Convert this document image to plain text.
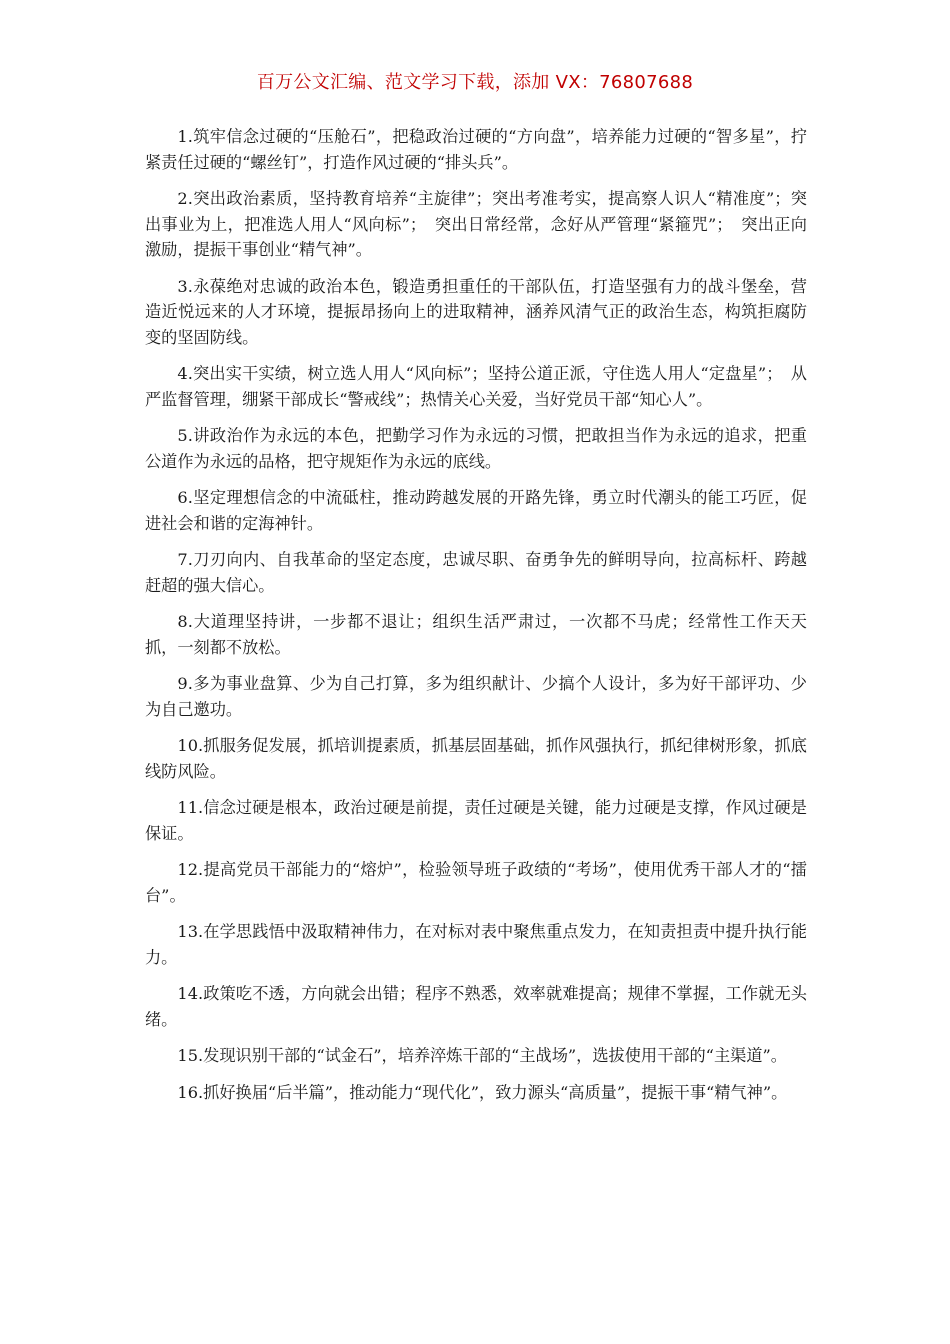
百万公文汇编、范文学习下载，添加 VX：76807688

1.筑牢信念过硬的“压舱石”，把稳政治过硬的“方向盘”，培养能力过硬的“智多星”，拧紧责任过硬的“螺丝钉”，打造作风过硬的“排头兵”。

2.突出政治素质，坚持教育培养“主旋律”；突出考准考实，提高察人识人“精准度”；突出事业为上，把准选人用人“风向标”；　突出日常经常，念好从严管理“紧箍咒”；　突出正向激励，提振干事创业“精气神”。

3.永葆绝对忠诚的政治本色，锻造勇担重任的干部队伍，打造坚强有力的战斗堡垒，营造近悦远来的人才环境，提振昂扬向上的进取精神，涵养风清气正的政治生态，构筑拒腐防变的坚固防线。

4.突出实干实绩，树立选人用人“风向标”；坚持公道正派，守住选人用人“定盘星”；　从严监督管理，绷紧干部成长“警戒线”；热情关心关爱，当好党员干部“知心人”。

5.讲政治作为永远的本色，把勤学习作为永远的习惯，把敢担当作为永远的追求，把重公道作为永远的品格，把守规矩作为永远的底线。

6.坚定理想信念的中流砥柱，推动跨越发展的开路先锋，勇立时代潮头的能工巧匠，促进社会和谐的定海神针。

7.刀刃向内、自我革命的坚定态度，忠诚尽职、奋勇争先的鲜明导向，拉高标杆、跨越赶超的强大信心。

8.大道理坚持讲，一步都不退让；组织生活严肃过，一次都不马虎；经常性工作天天抓，一刻都不放松。

9.多为事业盘算、少为自己打算，多为组织献计、少搞个人设计，多为好干部评功、少为自己邀功。

10.抓服务促发展，抓培训提素质，抓基层固基础，抓作风强执行，抓纪律树形象，抓底线防风险。

11.信念过硬是根本，政治过硬是前提，责任过硬是关键，能力过硬是支撑，作风过硬是保证。

12.提高党员干部能力的“熔炉”，检验领导班子政绩的“考场”，使用优秀干部人才的“擂台”。

13.在学思践悟中汲取精神伟力，在对标对表中聚焦重点发力，在知责担责中提升执行能力。

14.政策吃不透，方向就会出错；程序不熟悉，效率就难提高；规律不掌握，工作就无头绪。

15.发现识别干部的“试金石”，培养淬炼干部的“主战场”，选拔使用干部的“主渠道”。

16.抓好换届“后半篇”，推动能力“现代化”，致力源头“高质量”，提振干事“精气神”。
